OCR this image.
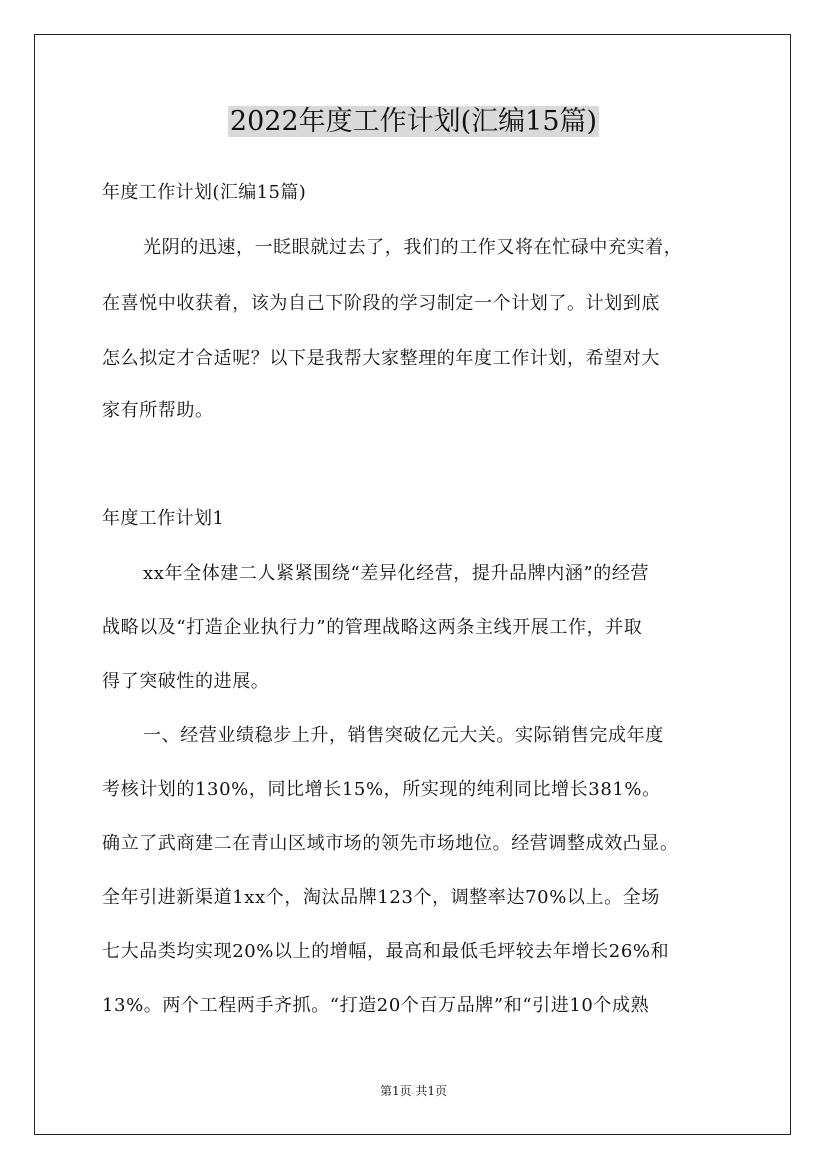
2022年度工作计划(汇编15篇)
年度工作计划(汇编15篇)
光阴的迅速，一眨眼就过去了，我们的工作又将在忙碌中充实着，
在喜悦中收获着，该为自己下阶段的学习制定一个计划了。计划到底
怎么拟定才合适呢？以下是我帮大家整理的年度工作计划，希望对大
家有所帮助。
年度工作计划1
xx年全体建二人紧紧围绕“差异化经营，提升品牌内涵”的经营
战略以及“打造企业执行力”的管理战略这两条主线开展工作，并取
得了突破性的进展。
一、经营业绩稳步上升，销售突破亿元大关。实际销售完成年度
考核计划的130%，同比增长15%，所实现的纯利同比增长381%。
确立了武商建二在青山区域市场的领先市场地位。经营调整成效凸显。
全年引进新渠道1xx个，淘汰品牌123个，调整率达70%以上。全场
七大品类均实现20%以上的增幅，最高和最低毛坪较去年增长26%和
13%。两个工程两手齐抓。“打造20个百万品牌”和“引进10个成熟
第1页 共1页
